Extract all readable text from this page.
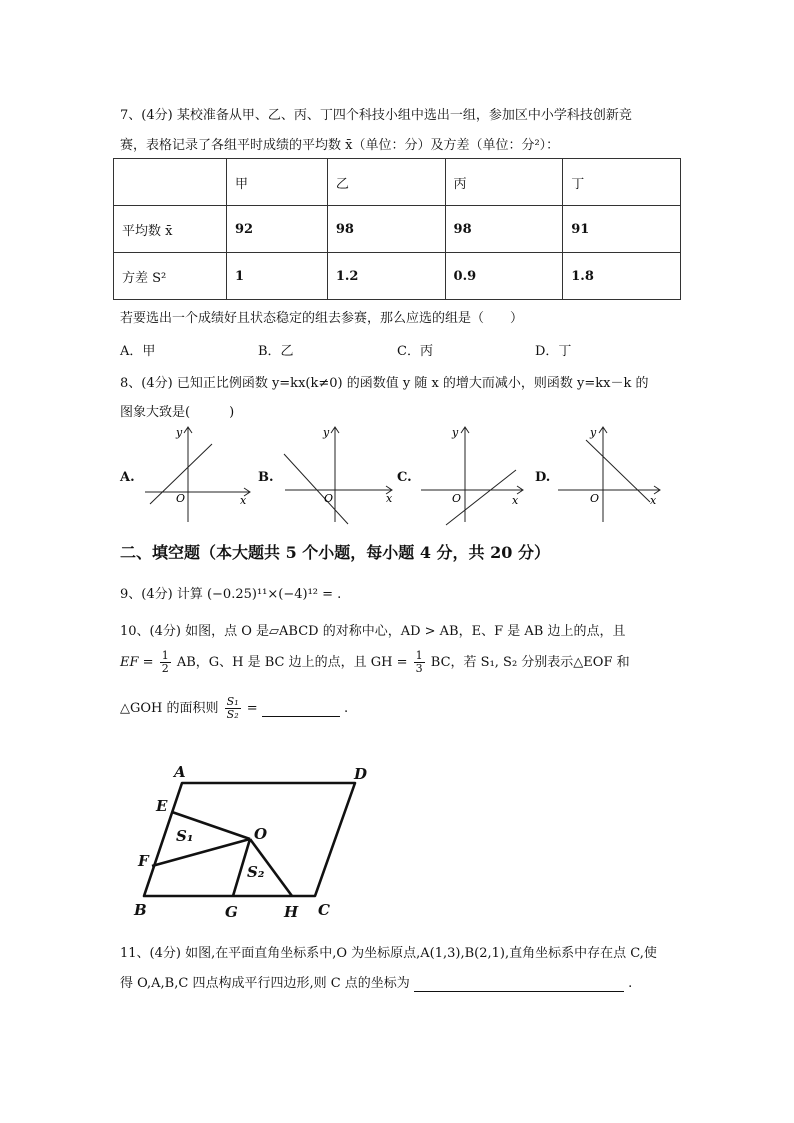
7、(4分) 某校准备从甲、乙、丙、丁四个科技小组中选出一组，参加区中小学科技创新竞
赛，表格记录了各组平时成绩的平均数 x̄（单位：分）及方差（单位：分²）：
	甲	乙	丙	丁
平均数 x̄	92	98	98	91
方差 S²	1	1.2	0.9	1.8
若要选出一个成绩好且状态稳定的组去参赛，那么应选的组是（　　）
A．甲	B．乙	C．丙	D．丁
8、(4分) 已知正比例函数 y=kx(k≠0) 的函数值 y 随 x 的增大而减小，则函数 y=kx－k 的
图象大致是(　　　)
A.	B.	C.	D.
O	x
y
O	x
y
O	x
y
O	x
y
二、填空题（本大题共 5 个小题，每小题 4 分，共 20 分）
9、(4分) 计算 (−0.25)¹¹×(−4)¹² = .
10、(4分) 如图，点 O 是▱ABCD 的对称中心，AD > AB，E、F 是 AB 边上的点，且
EF = $\frac{1}{2}$ AB，G、H 是 BC 边上的点，且 GH = $\frac{1}{3}$ BC，若 S₁, S₂ 分别表示△EOF 和
△GOH 的面积则 $\frac{\text{S₁}}{\text{S₂}}$ =	.
A	D
E
F
B	G	H C
O
S₁
S₂
11、(4分) 如图,在平面直角坐标系中,O 为坐标原点,A(1,3),B(2,1),直角坐标系中存在点 C,使
得 O,A,B,C 四点构成平行四边形,则 C 点的坐标为	.
